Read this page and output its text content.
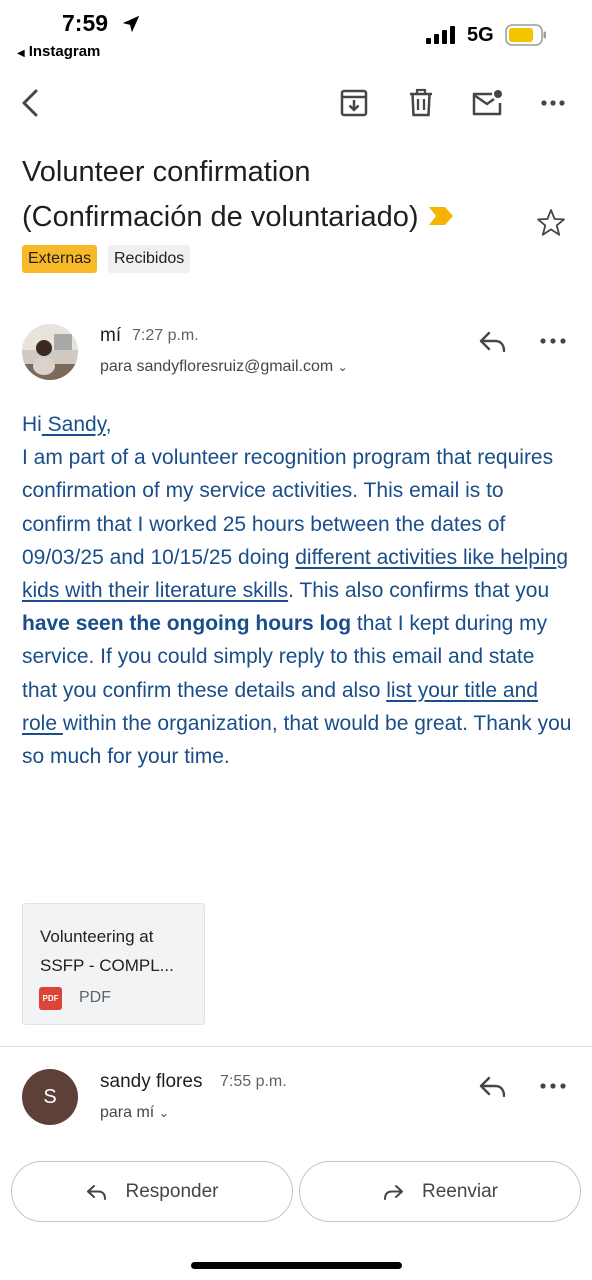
7:59
◀ Instagram
5G
Volunteer confirmation
(Confirmación de voluntariado)
Externas	Recibidos
mí 7:27 p.m.
para sandyfloresruiz@gmail.com ⌄
Hi Sandy,
I am part of a volunteer recognition program that requires confirmation of my service activities. This email is to confirm that I worked 25 hours between the dates of 09/03/25 and 10/15/25 doing different activities like helping kids with their literature skills. This also confirms that you have seen the ongoing hours log that I kept during my service. If you could simply reply to this email and state that you confirm these details and also list your title and role within the organization, that would be great. Thank you so much for your time.
Volunteering at SSFP - COMPL...
PDF PDF
S
sandy flores 7:55 p.m.
para mí ⌄
Responder	Reenviar
